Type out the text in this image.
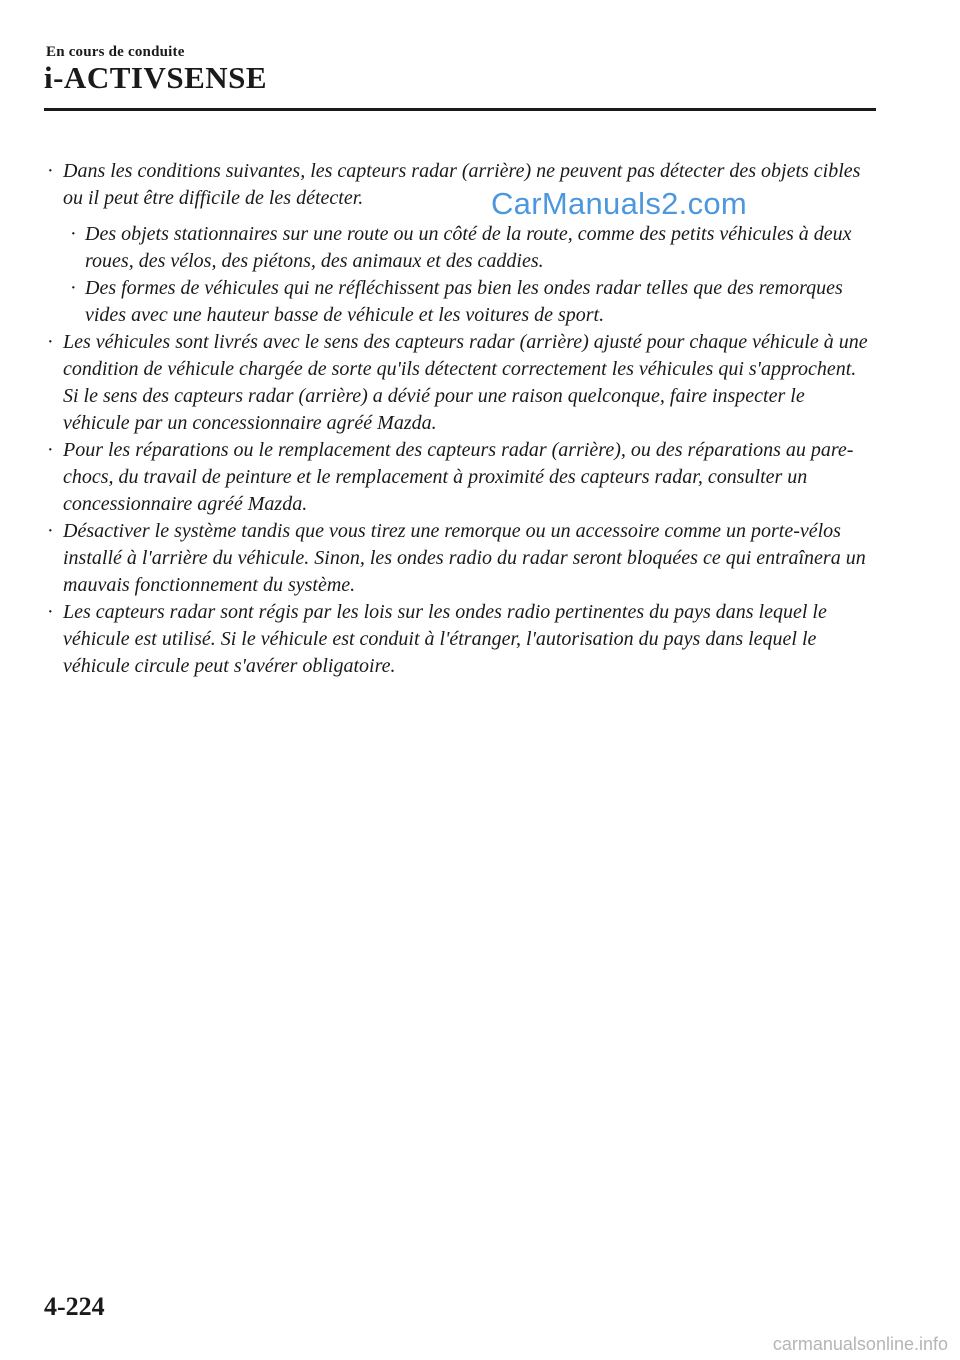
En cours de conduite
i-ACTIVSENSE
· Dans les conditions suivantes, les capteurs radar (arrière) ne peuvent pas détecter des objets cibles ou il peut être difficile de les détecter.
· Des objets stationnaires sur une route ou un côté de la route, comme des petits véhicules à deux roues, des vélos, des piétons, des animaux et des caddies.
· Des formes de véhicules qui ne réfléchissent pas bien les ondes radar telles que des remorques vides avec une hauteur basse de véhicule et les voitures de sport.
· Les véhicules sont livrés avec le sens des capteurs radar (arrière) ajusté pour chaque véhicule à une condition de véhicule chargée de sorte qu'ils détectent correctement les véhicules qui s'approchent. Si le sens des capteurs radar (arrière) a dévié pour une raison quelconque, faire inspecter le véhicule par un concessionnaire agréé Mazda.
· Pour les réparations ou le remplacement des capteurs radar (arrière), ou des réparations au pare-chocs, du travail de peinture et le remplacement à proximité des capteurs radar, consulter un concessionnaire agréé Mazda.
· Désactiver le système tandis que vous tirez une remorque ou un accessoire comme un porte-vélos installé à l'arrière du véhicule. Sinon, les ondes radio du radar seront bloquées ce qui entraînera un mauvais fonctionnement du système.
· Les capteurs radar sont régis par les lois sur les ondes radio pertinentes du pays dans lequel le véhicule est utilisé. Si le véhicule est conduit à l'étranger, l'autorisation du pays dans lequel le véhicule circule peut s'avérer obligatoire.
CarManuals2.com
4-224
carmanualsonline.info
